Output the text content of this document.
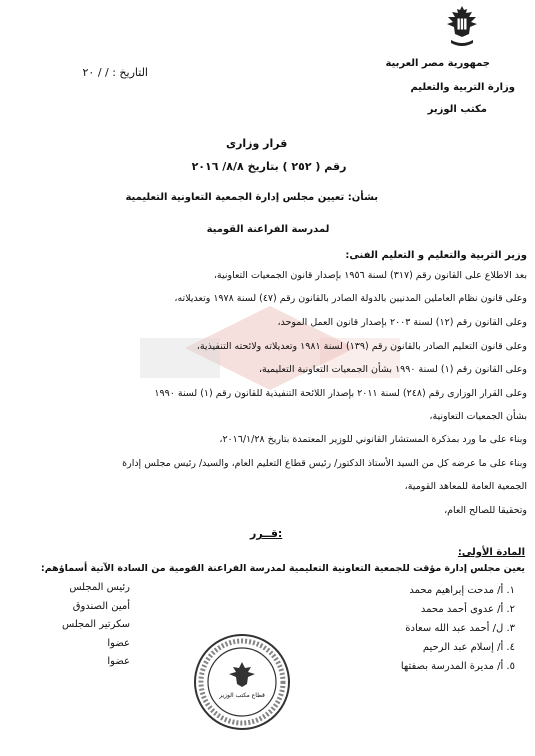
جمهورية مصر العربية
وزارة التربية والتعليم
مكتب الوزير
التاريخ : / / ٢٠
قرار وزارى
رقم ( ٢٥٢ ) بتاريخ ٨/٨/ ٢٠١٦
بشأن: تعيين مجلس إدارة الجمعية التعاونية التعليمية
لمدرسة الفراعنة القومية
وزير التربية والتعليم و التعليم الفنى:
بعد الاطلاع على القانون رقم (٣١٧) لسنة ١٩٥٦ بإصدار قانون الجمعيات التعاونية،
وعلى قانون نظام العاملين المدنيين بالدولة الصادر بالقانون رقم (٤٧) لسنة ١٩٧٨ وتعديلاته،
وعلى القانون رقم (١٢) لسنة ٢٠٠٣ بإصدار قانون العمل الموحد،
وعلى قانون التعليم الصادر بالقانون رقم (١٣٩) لسنة ١٩٨١ وتعديلاته ولائحته التنفيذية،
وعلى القانون رقم (١) لسنة ١٩٩٠ بشأن الجمعيات التعاونية التعليمية،
وعلى القرار الوزارى رقم (٢٤٨) لسنة ٢٠١١ بإصدار اللائحة التنفيذية للقانون رقم (١) لسنة ١٩٩٠
بشأن الجمعيات التعاونية،
وبناء على ما ورد بمذكرة المستشار القانوني للوزير المعتمدة بتاريخ ٢٠١٦/١/٢٨،
وبناء على ما عرضه كل من السيد الأستاذ الدكتور/ رئيس قطاع التعليم العام، والسيد/ رئيس مجلس إدارة
الجمعية العامة للمعاهد القومية،
وتحقيقا للصالح العام،
قــرر:
المادة الأولى:
يعين مجلس إدارة مؤقت للجمعية التعاونية التعليمية لمدرسة الفراعنة القومية من السادة الآتية أسماؤهم:
١. أ/ مدحت إبراهيم محمد
رئيس المجلس
٢. أ/ عدوى أحمد محمد
أمين الصندوق
٣. ل/ أحمد عبد الله سعادة
سكرتير المجلس
٤. أ/ إسلام عبد الرحيم
عضوا
٥. أ/ مديرة المدرسة بصفتها
عضوا
قطاع مكتب الوزير
